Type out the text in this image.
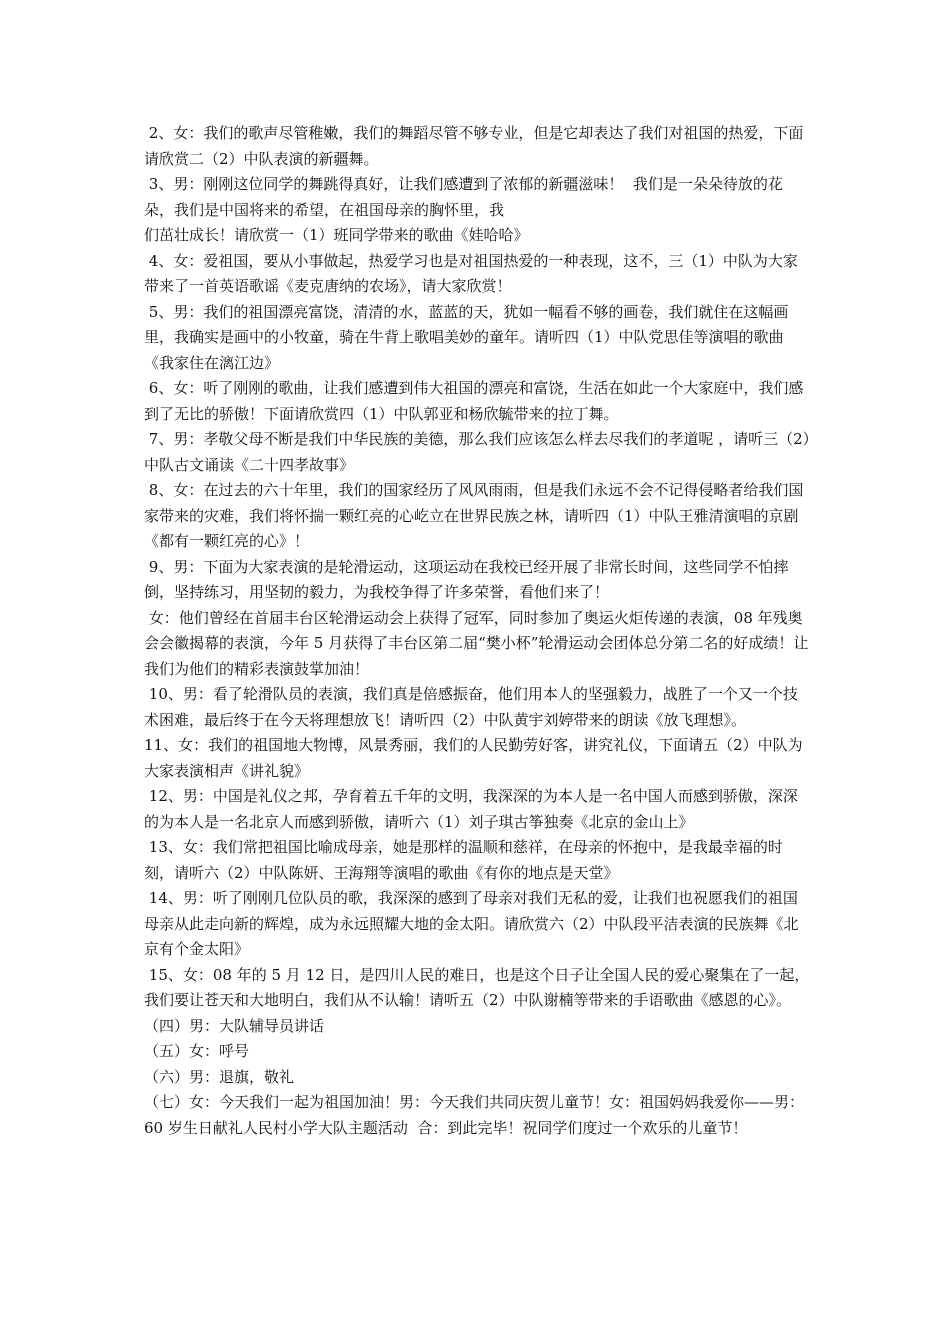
2、女：我们的歌声尽管稚嫩，我们的舞蹈尽管不够专业，但是它却表达了我们对祖国的热爱，下面请欣赏二（2）中队表演的新疆舞。

3、男：刚刚这位同学的舞跳得真好，让我们感遭到了浓郁的新疆滋味！  我们是一朵朵待放的花朵，我们是中国将来的希望，在祖国母亲的胸怀里，我

们茁壮成长！请欣赏一（1）班同学带来的歌曲《娃哈哈》

4、女：爱祖国，要从小事做起，热爱学习也是对祖国热爱的一种表现，这不，三（1）中队为大家带来了一首英语歌谣《麦克唐纳的农场》，请大家欣赏！

5、男：我们的祖国漂亮富饶，清清的水，蓝蓝的天，犹如一幅看不够的画卷，我们就住在这幅画里，我确实是画中的小牧童，骑在牛背上歌唱美妙的童年。请听四（1）中队党思佳等演唱的歌曲《我家住在漓江边》

6、女：听了刚刚的歌曲，让我们感遭到伟大祖国的漂亮和富饶，生活在如此一个大家庭中，我们感到了无比的骄傲！下面请欣赏四（1）中队郭亚和杨欣毓带来的拉丁舞。

7、男：孝敬父母不断是我们中华民族的美德，那么我们应该怎么样去尽我们的孝道呢 ，请听三（2）中队古文诵读《二十四孝故事》

8、女：在过去的六十年里，我们的国家经历了风风雨雨，但是我们永远不会不记得侵略者给我们国家带来的灾难，我们将怀揣一颗红亮的心屹立在世界民族之林，请听四（1）中队王雅清演唱的京剧《都有一颗红亮的心》！

9、男：下面为大家表演的是轮滑运动，这项运动在我校已经开展了非常长时间，这些同学不怕摔倒，坚持练习，用坚韧的毅力，为我校争得了许多荣誉，看他们来了！

女：他们曾经在首届丰台区轮滑运动会上获得了冠军，同时参加了奥运火炬传递的表演，08 年残奥会会徽揭幕的表演，今年 5 月获得了丰台区第二届“樊小杯”轮滑运动会团体总分第二名的好成绩！让我们为他们的精彩表演鼓掌加油！

10、男：看了轮滑队员的表演，我们真是倍感振奋，他们用本人的坚强毅力，战胜了一个又一个技术困难，最后终于在今天将理想放飞！请听四（2）中队黄宇刘婷带来的朗读《放飞理想》。

11、女：我们的祖国地大物博，风景秀丽，我们的人民勤劳好客，讲究礼仪，下面请五（2）中队为大家表演相声《讲礼貌》

12、男：中国是礼仪之邦，孕育着五千年的文明，我深深的为本人是一名中国人而感到骄傲，深深的为本人是一名北京人而感到骄傲，请听六（1）刘子琪古筝独奏《北京的金山上》

13、女：我们常把祖国比喻成母亲，她是那样的温顺和慈祥，在母亲的怀抱中，是我最幸福的时刻，请听六（2）中队陈妍、王海翔等演唱的歌曲《有你的地点是天堂》

14、男：听了刚刚几位队员的歌，我深深的感到了母亲对我们无私的爱，让我们也祝愿我们的祖国母亲从此走向新的辉煌，成为永远照耀大地的金太阳。请欣赏六（2）中队段平洁表演的民族舞《北京有个金太阳》

15、女：08 年的 5 月 12 日，是四川人民的难日，也是这个日子让全国人民的爱心聚集在了一起，我们要让苍天和大地明白，我们从不认输！请听五（2）中队谢楠等带来的手语歌曲《感恩的心》。

（四）男：大队辅导员讲话

（五）女：呼号

（六）男：退旗，敬礼

（七）女：今天我们一起为祖国加油！男：今天我们共同庆贺儿童节！女：祖国妈妈我爱你——男：60 岁生日献礼人民村小学大队主题活动  合：到此完毕！祝同学们度过一个欢乐的儿童节！
